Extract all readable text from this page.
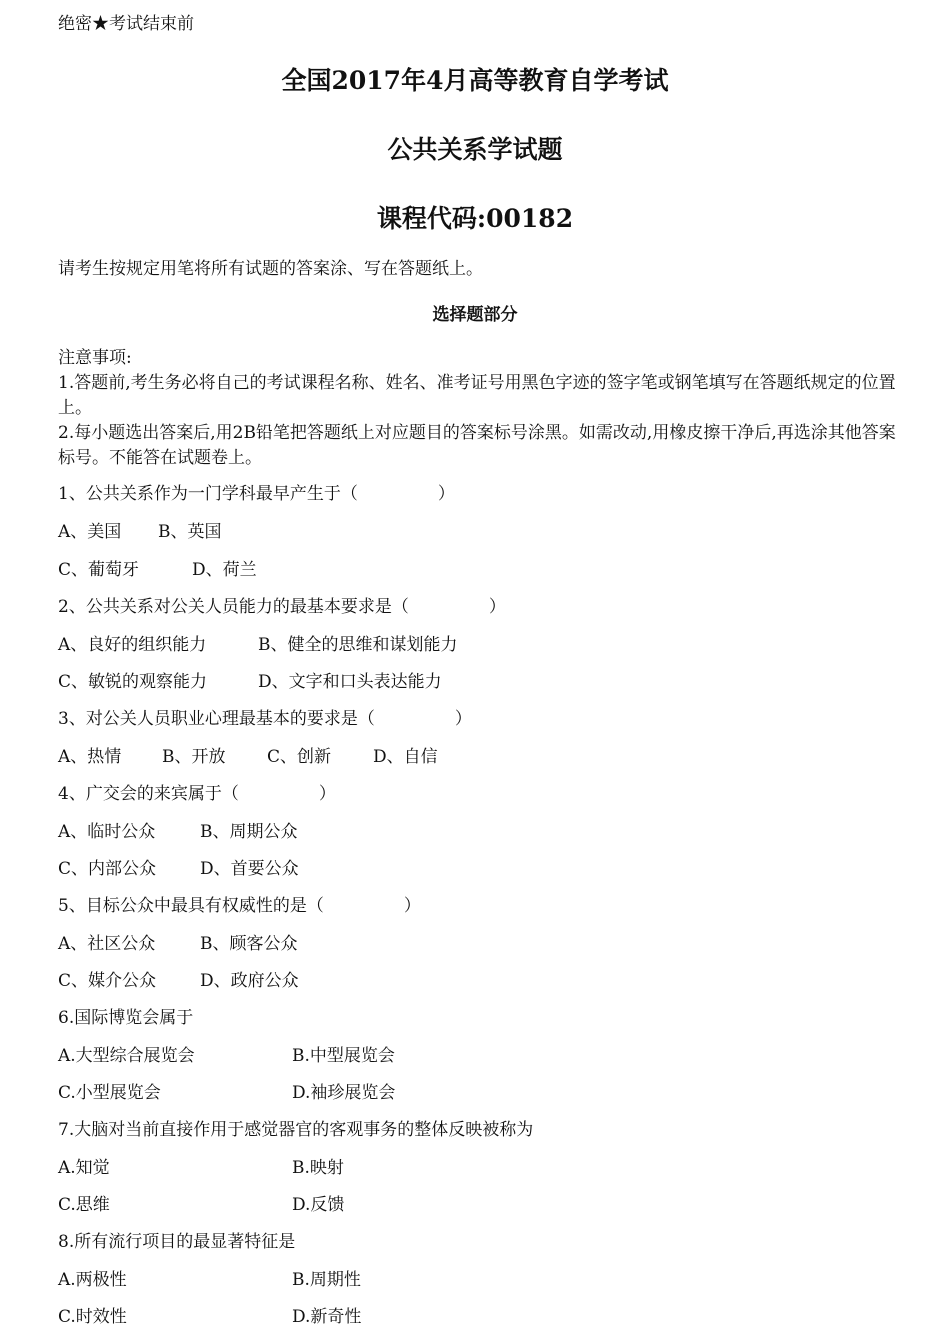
绝密★考试结束前
全国2017年4月高等教育自学考试
公共关系学试题
课程代码:00182
请考生按规定用笔将所有试题的答案涂、写在答题纸上。
选择题部分

注意事项:

1.答题前,考生务必将自己的考试课程名称、姓名、准考证号用黑色字迹的签字笔或钢笔填写在答题纸规定的位置上。

2.每小题选出答案后,用2B铅笔把答题纸上对应题目的答案标号涂黑。如需改动,用橡皮擦干净后,再选涂其他答案标号。不能答在试题卷上。

1、公共关系作为一门学科最早产生于（	）
A、美国 B、英国
C、葡萄牙	D、荷兰
2、公共关系对公关人员能力的最基本要求是（	）
A、良好的组织能力	B、健全的思维和谋划能力
C、敏锐的观察能力	D、文字和口头表达能力
3、对公关人员职业心理最基本的要求是（	）
A、热情 B、开放 C、创新 D、自信
4、广交会的来宾属于（	）
A、临时公众	B、周期公众
C、内部公众	D、首要公众
5、目标公众中最具有权威性的是（	）
A、社区公众	B、顾客公众
C、媒介公众	D、政府公众
6.国际博览会属于
A.大型综合展览会	B.中型展览会
C.小型展览会	D.袖珍展览会
7.大脑对当前直接作用于感觉器官的客观事务的整体反映被称为
A.知觉	B.映射
C.思维	D.反馈
8.所有流行项目的最显著特征是
A.两极性	B.周期性
C.时效性	D.新奇性
